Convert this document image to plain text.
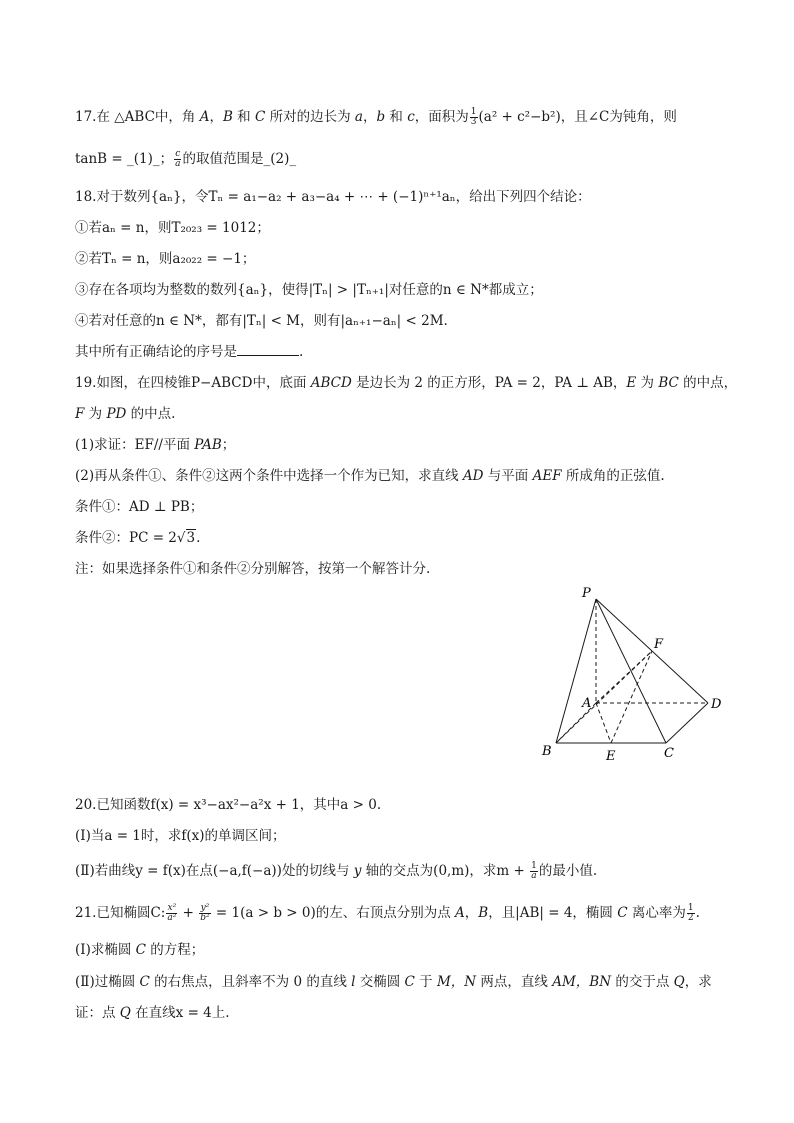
17.在 △ABC中，角 A，B 和 C 所对的边长为 a，b 和 c，面积为 $\frac{1}{3} (a^2 + c^2-b^2)$，且∠C为钝角，则
tanB = _(1)_； $\frac{c}{a}$ 的取值范围是_(2)_
18.对于数列{aₙ}，令Tₙ = a₁−a₂ + a₃−a₄ + ⋯ + (−1)ⁿ⁺¹aₙ，给出下列四个结论：
①若aₙ = n，则T₂₀₂₃ = 1012；
②若Tₙ = n，则a₂₀₂₂ = −1；
③存在各项均为整数的数列{aₙ}，使得|Tₙ| > |Tₙ₊₁|对任意的n ∈ N*都成立；
④若对任意的n ∈ N*，都有|Tₙ| < M，则有|aₙ₊₁−aₙ| < 2M.
其中所有正确结论的序号是	.
19.如图，在四棱锥P−ABCD中，底面 ABCD 是边长为 2 的正方形，PA = 2，PA ⊥ AB，E 为 BC 的中点，
F 为 PD 的中点.
(1)求证：EF//平面 PAB；
(2)再从条件①、条件②这两个条件中选择一个作为已知，求直线 AD 与平面 AEF 所成角的正弦值.
条件①：AD ⊥ PB；
条件②：PC = 2√3.
注：如果选择条件①和条件②分别解答，按第一个解答计分.
P
F
A	D
B	E	C
20.已知函数f(x) = x³−ax²−a²x + 1，其中a > 0.
(Ⅰ)当a = 1时，求f(x)的单调区间；
(Ⅱ)若曲线y = f(x)在点(−a,f(−a))处的切线与 y 轴的交点为(0,m)，求$m + \frac{1}{a}$ 的最小值.
21.已知椭圆C: $\frac{\text{x²}}{\text{a²}} + \frac{\text{y²}}{\text{b²}} = 1(a > b > 0)$的左、右顶点分别为点 A，B，且|AB| = 4，椭圆 C 离心率为 $\frac{1}{2}$ .
(Ⅰ)求椭圆 C 的方程；
(Ⅱ)过椭圆 C 的右焦点，且斜率不为 0 的直线 l 交椭圆 C 于 M，N 两点，直线 AM，BN 的交于点 Q，求
证：点 Q 在直线x = 4上.
